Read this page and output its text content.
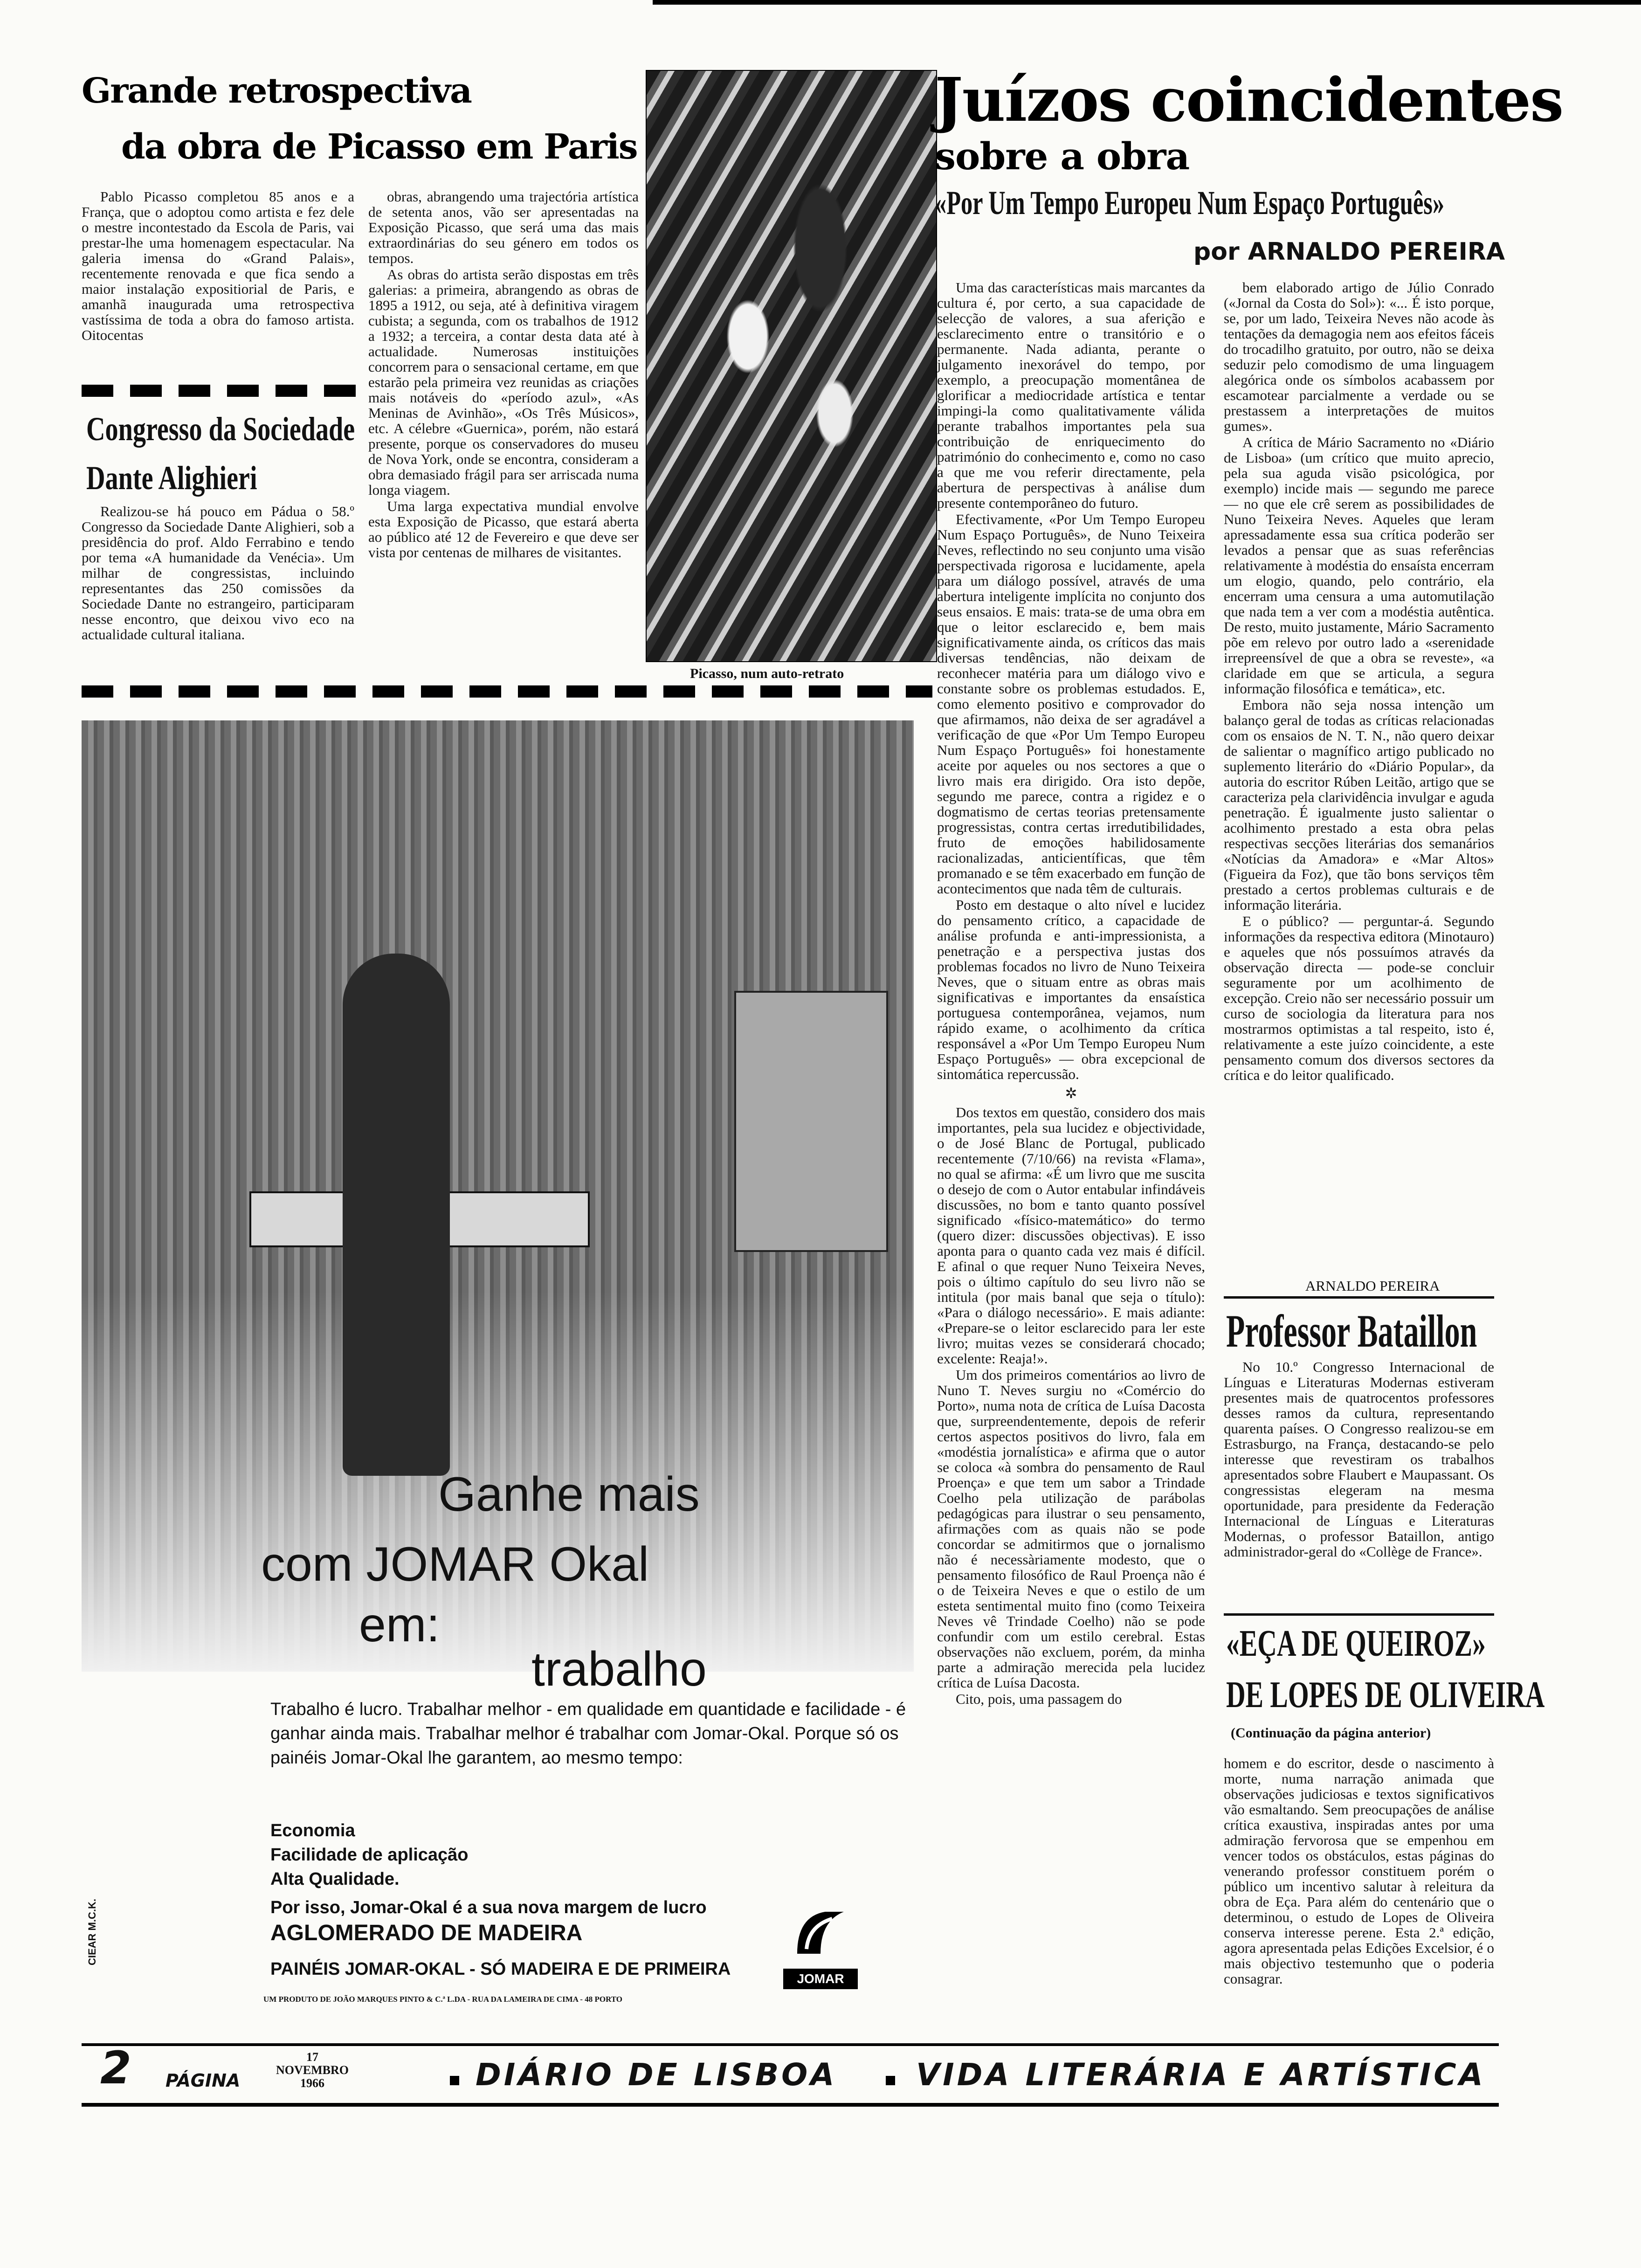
Grande retrospectiva
da obra de Picasso em Paris

Pablo Picasso completou 85 anos e a França, que o adoptou como artista e fez dele o mestre incontestado da Escola de Paris, vai prestar-lhe uma homenagem espectacular. Na galeria imensa do «Grand Palais», recentemente renovada e que fica sendo a maior instalação expositiorial de Paris, e amanhã inaugurada uma retrospectiva vastíssima de toda a obra do famoso artista. Oitocentas

obras, abrangendo uma trajectória artística de setenta anos, vão ser apresentadas na Exposição Picasso, que será uma das mais extraordinárias do seu género em todos os tempos.

As obras do artista serão dispostas em três galerias: a primeira, abrangendo as obras de 1895 a 1912, ou seja, até à definitiva viragem cubista; a segunda, com os trabalhos de 1912 a 1932; a terceira, a contar desta data até à actualidade. Numerosas instituições concorrem para o sensacional certame, em que estarão pela primeira vez reunidas as criações mais notáveis do «período azul», «As Meninas de Avinhão», «Os Três Músicos», etc. A célebre «Guernica», porém, não estará presente, porque os conservadores do museu de Nova York, onde se encontra, consideram a obra demasiado frágil para ser arriscada numa longa viagem.

Uma larga expectativa mundial envolve esta Exposição de Picasso, que estará aberta ao público até 12 de Fevereiro e que deve ser vista por centenas de milhares de visitantes.

Congresso da Sociedade
Dante Alighieri

Realizou-se há pouco em Pádua o 58.º Congresso da Sociedade Dante Alighieri, sob a presidência do prof. Aldo Ferrabino e tendo por tema «A humanidade da Venécia». Um milhar de congressistas, incluindo representantes das 250 comissões da Sociedade Dante no estrangeiro, participaram nesse encontro, que deixou vivo eco na actualidade cultural italiana.

Picasso, num auto-retrato
Ganhe mais
com JOMAR Okal
em:
trabalho
Trabalho é lucro. Trabalhar melhor - em qualidade em quantidade e facilidade - é ganhar ainda mais. Trabalhar melhor é trabalhar com Jomar-Okal. Porque só os painéis Jomar-Okal lhe garantem, ao mesmo tempo:
Economia
Facilidade de aplicação
Alta Qualidade.
Por isso, Jomar-Okal é a sua nova margem de lucro
AGLOMERADO DE MADEIRA
PAINÉIS JOMAR-OKAL - SÓ MADEIRA E DE PRIMEIRA
UM PRODUTO DE JOÃO MARQUES PINTO & C.ª L.DA - RUA DA LAMEIRA DE CIMA - 48 PORTO
CIEAR M.C.K.
JOMAR
Juízos coincidentes
sobre a obra
«Por Um Tempo Europeu Num Espaço Português»
por ARNALDO PEREIRA

Uma das características mais marcantes da cultura é, por certo, a sua capacidade de selecção de valores, a sua aferição e esclarecimento entre o transitório e o permanente. Nada adianta, perante o julgamento inexorável do tempo, por exemplo, a preocupação momentânea de glorificar a mediocridade artística e tentar impingi-la como qualitativamente válida perante trabalhos importantes pela sua contribuição de enriquecimento do património do conhecimento e, como no caso a que me vou referir directamente, pela abertura de perspectivas à análise dum presente contemporâneo do futuro.

Efectivamente, «Por Um Tempo Europeu Num Espaço Português», de Nuno Teixeira Neves, reflectindo no seu conjunto uma visão perspectivada rigorosa e lucidamente, apela para um diálogo possível, através de uma abertura inteligente implícita no conjunto dos seus ensaios. E mais: trata-se de uma obra em que o leitor esclarecido e, bem mais significativamente ainda, os críticos das mais diversas tendências, não deixam de reconhecer matéria para um diálogo vivo e constante sobre os problemas estudados. E, como elemento positivo e comprovador do que afirmamos, não deixa de ser agradável a verificação de que «Por Um Tempo Europeu Num Espaço Português» foi honestamente aceite por aqueles ou nos sectores a que o livro mais era dirigido. Ora isto depõe, segundo me parece, contra a rigidez e o dogmatismo de certas teorias pretensamente progressistas, contra certas irredutibilidades, fruto de emoções habilidosamente racionalizadas, anticientíficas, que têm promanado e se têm exacerbado em função de acontecimentos que nada têm de culturais.

Posto em destaque o alto nível e lucidez do pensamento crítico, a capacidade de análise profunda e anti-impressionista, a penetração e a perspectiva justas dos problemas focados no livro de Nuno Teixeira Neves, que o situam entre as obras mais significativas e importantes da ensaística portuguesa contemporânea, vejamos, num rápido exame, o acolhimento da crítica responsável a «Por Um Tempo Europeu Num Espaço Português» — obra excepcional de sintomática repercussão.

✲

Dos textos em questão, considero dos mais importantes, pela sua lucidez e objectividade, o de José Blanc de Portugal, publicado recentemente (7/10/66) na revista «Flama», no qual se afirma: «É um livro que me suscita o desejo de com o Autor entabular infindáveis discussões, no bom e tanto quanto possível significado «físico-matemático» do termo (quero dizer: discussões objectivas). E isso aponta para o quanto cada vez mais é difícil. E afinal o que requer Nuno Teixeira Neves, pois o último capítulo do seu livro não se intitula (por mais banal que seja o título): «Para o diálogo necessário». E mais adiante: «Prepare-se o leitor esclarecido para ler este livro; muitas vezes se considerará chocado; excelente: Reaja!».

Um dos primeiros comentários ao livro de Nuno T. Neves surgiu no «Comércio do Porto», numa nota de crítica de Luísa Dacosta que, surpreendentemente, depois de referir certos aspectos positivos do livro, fala em «modéstia jornalística» e afirma que o autor se coloca «à sombra do pensamento de Raul Proença» e que tem um sabor a Trindade Coelho pela utilização de parábolas pedagógicas para ilustrar o seu pensamento, afirmações com as quais não se pode concordar se admitirmos que o jornalismo não é necessàriamente modesto, que o pensamento filosófico de Raul Proença não é o de Teixeira Neves e que o estilo de um esteta sentimental muito fino (como Teixeira Neves vê Trindade Coelho) não se pode confundir com um estilo cerebral. Estas observações não excluem, porém, da minha parte a admiração merecida pela lucidez crítica de Luísa Dacosta.

Cito, pois, uma passagem do

bem elaborado artigo de Júlio Conrado («Jornal da Costa do Sol»): «... É isto porque, se, por um lado, Teixeira Neves não acode às tentações da demagogia nem aos efeitos fáceis do trocadilho gratuito, por outro, não se deixa seduzir pelo comodismo de uma linguagem alegórica onde os símbolos acabassem por escamotear parcialmente a verdade ou se prestassem a interpretações de muitos gumes».

A crítica de Mário Sacramento no «Diário de Lisboa» (um crítico que muito aprecio, pela sua aguda visão psicológica, por exemplo) incide mais — segundo me parece — no que ele crê serem as possibilidades de Nuno Teixeira Neves. Aqueles que leram apressadamente essa sua crítica poderão ser levados a pensar que as suas referências relativamente à modéstia do ensaísta encerram um elogio, quando, pelo contrário, ela encerram uma censura a uma automutilação que nada tem a ver com a modéstia autêntica. De resto, muito justamente, Mário Sacramento põe em relevo por outro lado a «serenidade irrepreensível de que a obra se reveste», «a claridade em que se articula, a segura informação filosófica e temática», etc.

Embora não seja nossa intenção um balanço geral de todas as críticas relacionadas com os ensaios de N. T. N., não quero deixar de salientar o magnífico artigo publicado no suplemento literário do «Diário Popular», da autoria do escritor Rúben Leitão, artigo que se caracteriza pela clarividência invulgar e aguda penetração. É igualmente justo salientar o acolhimento prestado a esta obra pelas respectivas secções literárias dos semanários «Notícias da Amadora» e «Mar Altos» (Figueira da Foz), que tão bons serviços têm prestado a certos problemas culturais e de informação literária.

E o público? — perguntar-á. Segundo informações da respectiva editora (Minotauro) e aqueles que nós possuímos através da observação directa — pode-se concluir seguramente por um acolhimento de excepção. Creio não ser necessário possuir um curso de sociologia da literatura para nos mostrarmos optimistas a tal respeito, isto é, relativamente a este juízo coincidente, a este pensamento comum dos diversos sectores da crítica e do leitor qualificado.

ARNALDO PEREIRA
Professor Bataillon

No 10.º Congresso Internacional de Línguas e Literaturas Modernas estiveram presentes mais de quatrocentos professores desses ramos da cultura, representando quarenta países. O Congresso realizou-se em Estrasburgo, na França, destacando-se pelo interesse que revestiram os trabalhos apresentados sobre Flaubert e Maupassant. Os congressistas elegeram na mesma oportunidade, para presidente da Federação Internacional de Línguas e Literaturas Modernas, o professor Bataillon, antigo administrador-geral do «Collège de France».

«EÇA DE QUEIROZ»
DE LOPES DE OLIVEIRA
(Continuação da página anterior)

homem e do escritor, desde o nascimento à morte, numa narração animada que observações judiciosas e textos significativos vão esmaltando. Sem preocupações de análise crítica exaustiva, inspiradas antes por uma admiração fervorosa que se empenhou em vencer todos os obstáculos, estas páginas do venerando professor constituem porém o público um incentivo salutar à releitura da obra de Eça. Para além do centenário que o determinou, o estudo de Lopes de Oliveira conserva interesse perene. Esta 2.ª edição, agora apresentada pelas Edições Excelsior, é o mais objectivo testemunho que o poderia consagrar.

2 PÁGINA
17
NOVEMBRO
1966	DIÁRIO DE LISBOA	VIDA LITERÁRIA E ARTÍSTICA
